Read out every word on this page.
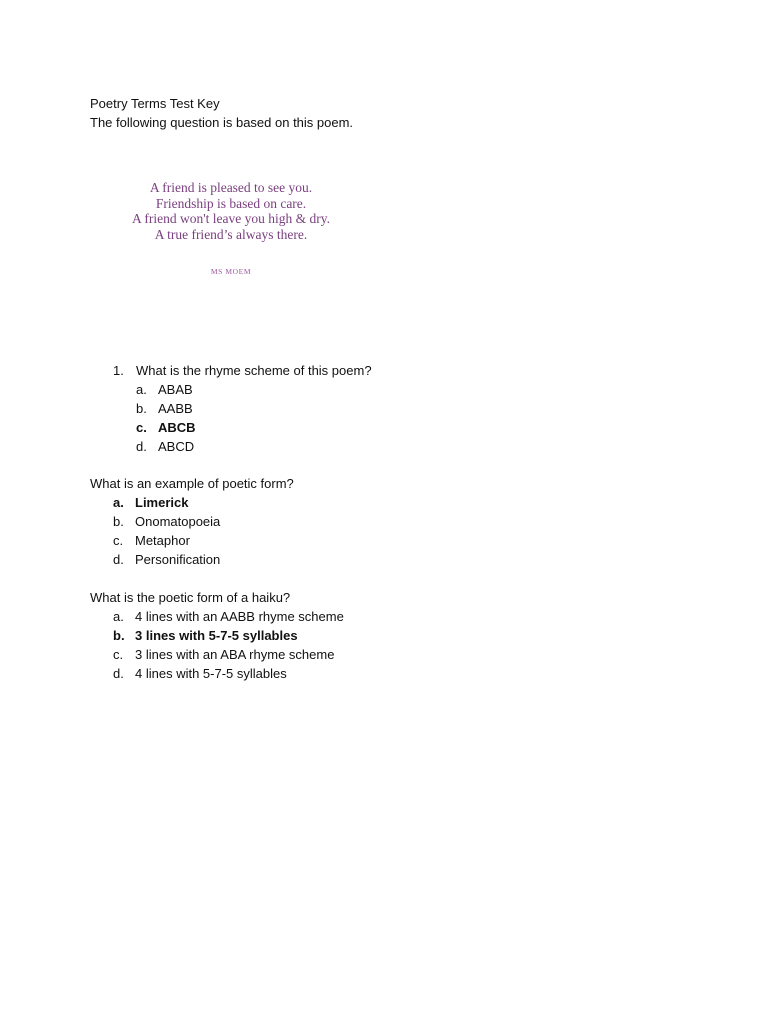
Poetry Terms Test Key
The following question is based on this poem.
A friend is pleased to see you.
Friendship is based on care.
A friend won't leave you high & dry.
A true friend’s always there.
MS MOEM
1. What is the rhyme scheme of this poem?
a. ABAB
b. AABB
c. ABCB
d. ABCD
What is an example of poetic form?
a. Limerick
b. Onomatopoeia
c. Metaphor
d. Personification
What is the poetic form of a haiku?
a. 4 lines with an AABB rhyme scheme
b. 3 lines with 5-7-5 syllables
c. 3 lines with an ABA rhyme scheme
d. 4 lines with 5-7-5 syllables
